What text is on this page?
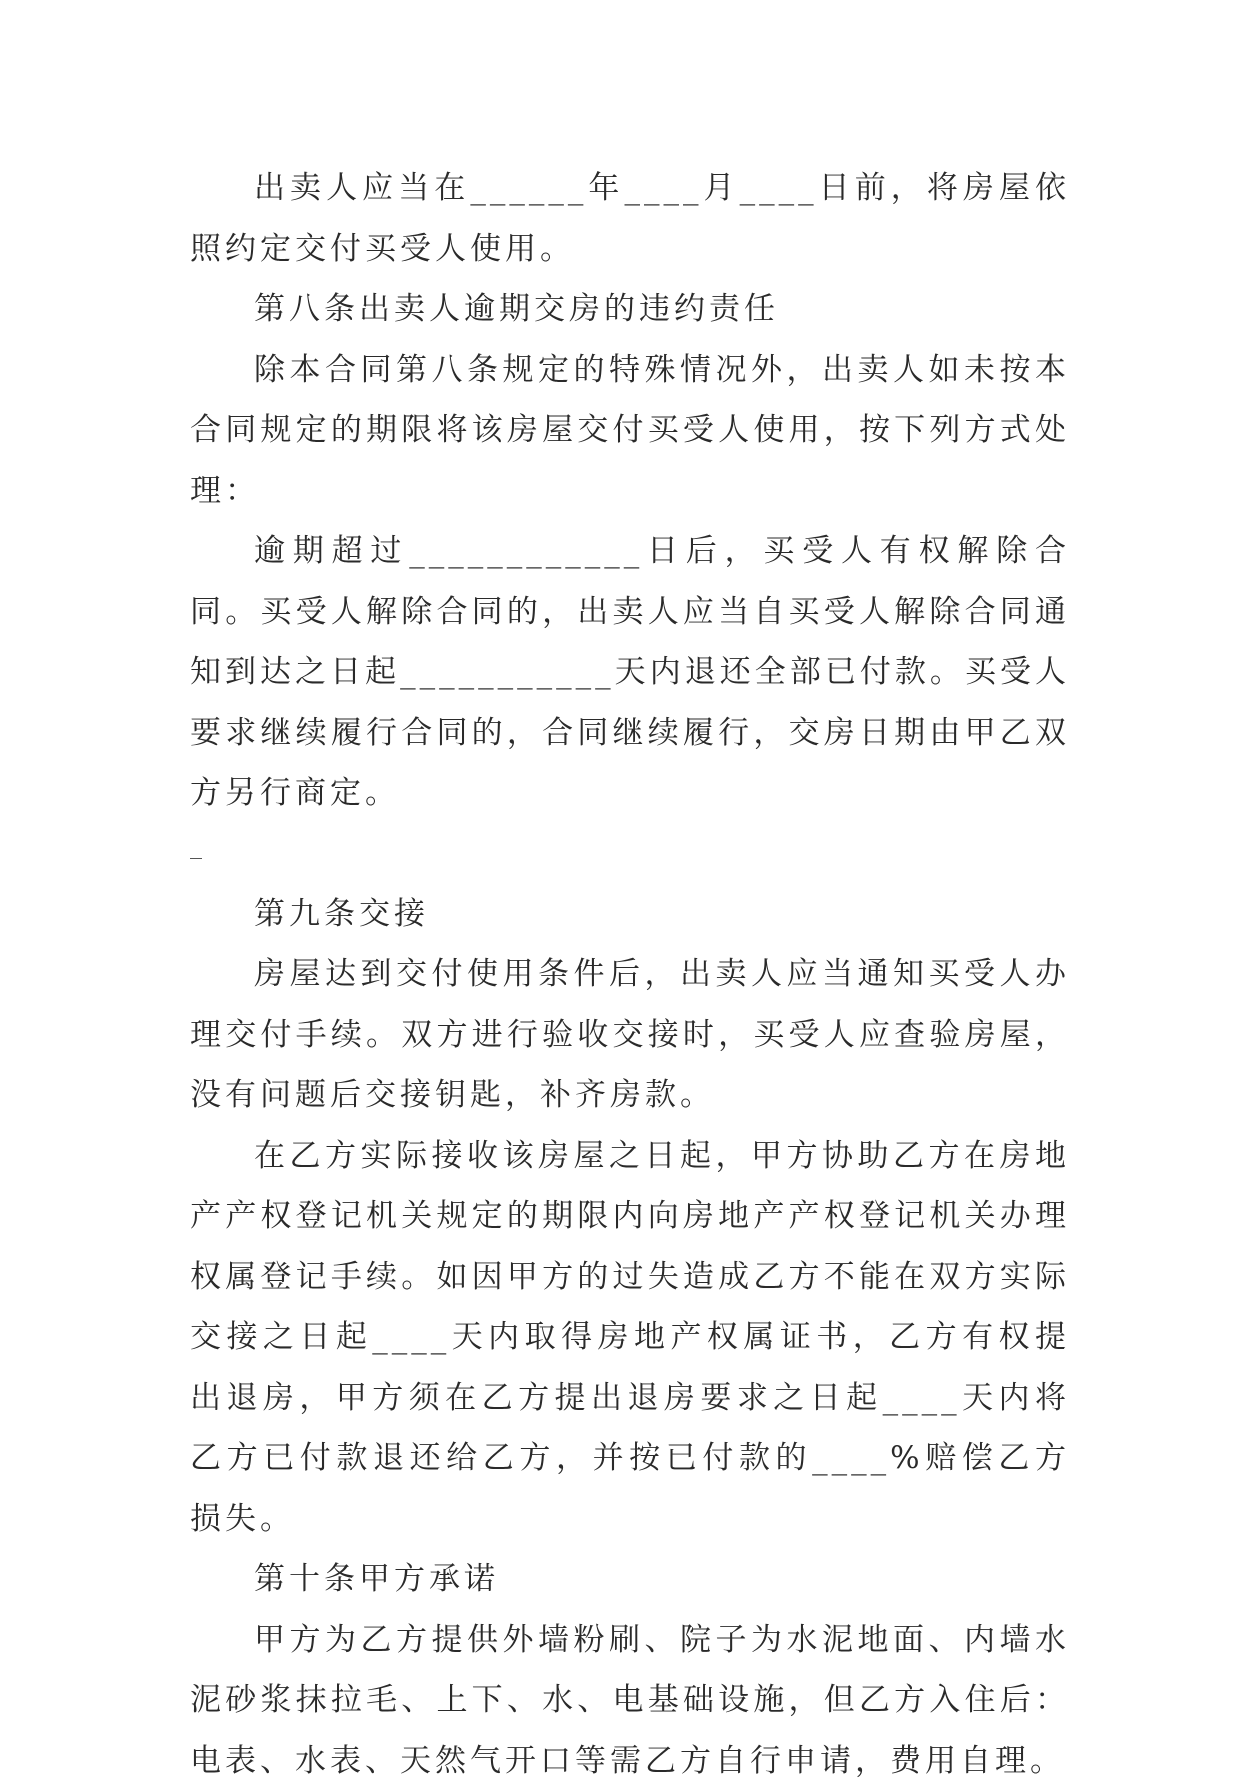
出卖人应当在______年____月____日前，将房屋依照约定交付买受人使用。

第八条出卖人逾期交房的违约责任

除本合同第八条规定的特殊情况外，出卖人如未按本合同规定的期限将该房屋交付买受人使用，按下列方式处理：

逾期超过____________日后，买受人有权解除合同。买受人解除合同的，出卖人应当自买受人解除合同通知到达之日起___________天内退还全部已付款。买受人要求继续履行合同的，合同继续履行，交房日期由甲乙双方另行商定。

第九条交接

房屋达到交付使用条件后，出卖人应当通知买受人办理交付手续。双方进行验收交接时，买受人应查验房屋，没有问题后交接钥匙，补齐房款。

在乙方实际接收该房屋之日起，甲方协助乙方在房地产产权登记机关规定的期限内向房地产产权登记机关办理权属登记手续。如因甲方的过失造成乙方不能在双方实际交接之日起____天内取得房地产权属证书，乙方有权提出退房，甲方须在乙方提出退房要求之日起____天内将乙方已付款退还给乙方，并按已付款的____%赔偿乙方损失。

第十条甲方承诺

甲方为乙方提供外墙粉刷、院子为水泥地面、内墙水泥砂浆抹拉毛、上下、水、电基础设施，但乙方入住后：电表、水表、天然气开口等需乙方自行申请，费用自理。
